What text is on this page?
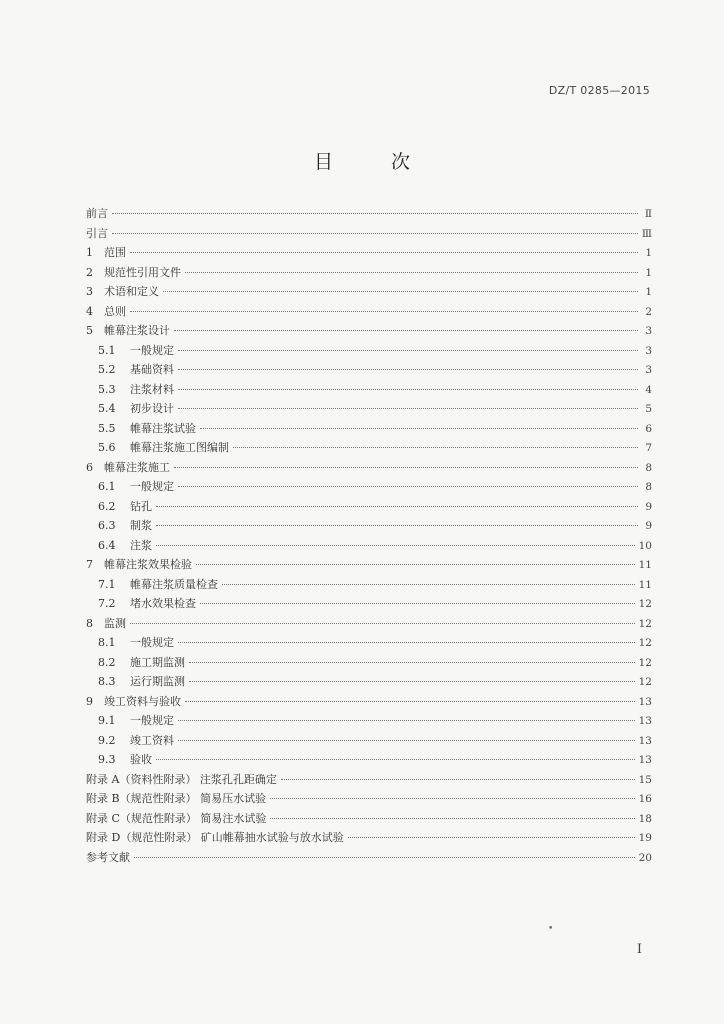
DZ/T 0285—2015
目 次
前言	Ⅱ
引言	Ⅲ
1	范围	1
2	规范性引用文件	1
3	术语和定义	1
4	总则	2
5	帷幕注浆设计	3
5.1	一般规定	3
5.2	基础资料	3
5.3	注浆材料	4
5.4	初步设计	5
5.5	帷幕注浆试验	6
5.6	帷幕注浆施工图编制	7
6	帷幕注浆施工	8
6.1	一般规定	8
6.2	钻孔	9
6.3	制浆	9
6.4	注浆	10
7	帷幕注浆效果检验	11
7.1	帷幕注浆质量检查	11
7.2	堵水效果检查	12
8	监测	12
8.1	一般规定	12
8.2	施工期监测	12
8.3	运行期监测	12
9	竣工资料与验收	13
9.1	一般规定	13
9.2	竣工资料	13
9.3	验收	13
附录 A（资料性附录） 注浆孔孔距确定	15
附录 B（规范性附录） 简易压水试验	16
附录 C（规范性附录） 简易注水试验	18
附录 D（规范性附录） 矿山帷幕抽水试验与放水试验	19
参考文献	20
•
I
